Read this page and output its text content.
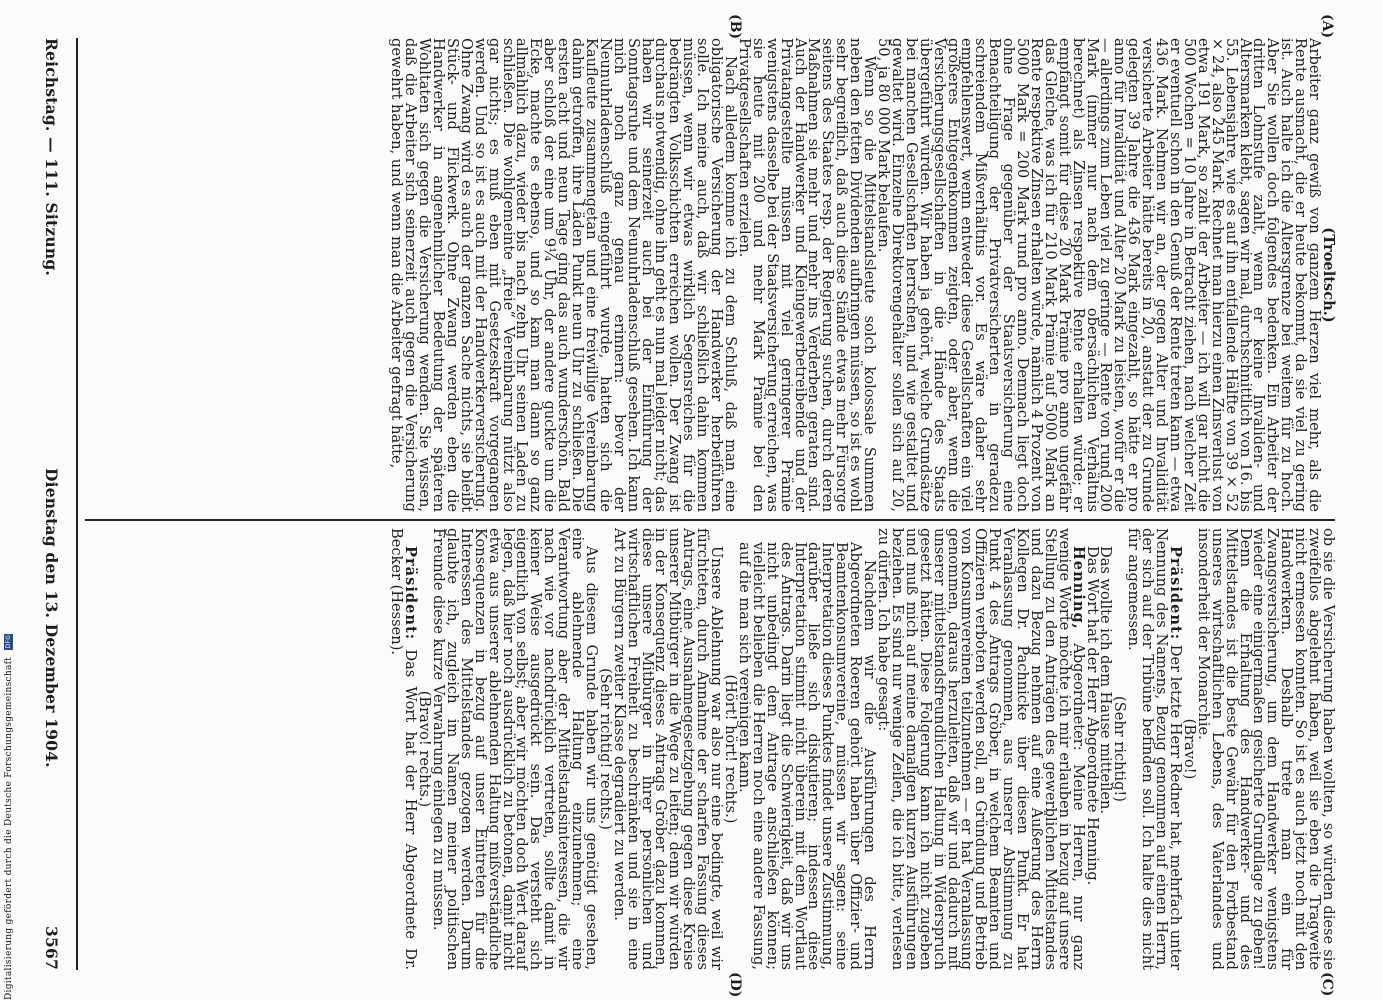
Reichstag. — 111. Sitzung.
Dienstag den 13. Dezember 1904.
3567

(Troeltsch.)

Arbeiter ganz gewiß von ganzem Herzen viel mehr, als die Rente ausmacht, die er heute bekommt, da sie viel zu gering ist. Auch halte ich die Altersgrenze bei weitem für zu hoch. Aber Sie wollen doch folgendes bedenken. Ein Arbeiter der dritten Lohnstufe zahlt, wenn er keine Invaliden- und Altersmarken klebt, sagen wir mal, durchschnittlich von 16. bis 55. Lebensjahre, wie es auf ihn entfallende Hälfte von 39 × 52 × 24, also 245 Mark. Rechnet man hierzu einen Zinsverlust von etwa 191 Mark, so zahlt der Arbeiter — ich will gar nicht die 500 Wochen = 10 Jahre in Betracht ziehen, nach welcher Zeit er eventuell schon in den Genuß der Rente treten kann — etwa 436 Mark. Nehmen wir an, der gegen Alter und Invalidität versicherte Arbeiter hätte bereits in 20, anstatt der zu Grunde gelegten 39 Jahre die 436 Mark eingezahlt, so hätte er pro anno für Invalidität und Alter 20 Mark zu leisten, wofür er die — allerdings zum Leben viel zu geringe — Rente von rund 200 Mark (immer nur nach dem obersächlichen Verhältnis berechnet) als Zinsen respektive Rente erhalten würde; er empfängt somit für diese 20 Mark Prämie pro anno ungefähr das Gleiche, was ich für 210 Mark Prämie auf 5000 Mark an Rente respektive Zinsen erhalten würde, nämlich 4 Prozent von 5000 Mark = 200 Mark rund pro anno. Demnach liegt doch ohne Frage gegenüber der Staatsversicherung eine Benachteiligung der Privatversicherten in geradezu schreiendem Mißverhältnis vor. Es wäre daher sehr empfehlenswert, wenn entweder diese Gesellschaften ein viel größeres Entgegenkommen zeigten, oder aber, wenn die Versicherungsgesellschaften in die Hände des Staats übergeführt würden. Wir haben ja gehört, welche Grundsätze bei manchen Gesellschaften herrschen, und wie gestaltet und gewaltet wird. Einzelne Direktorengehälter sollen sich auf 20, 50, ja 80 000 Mark belaufen.

Wenn so die Mittelstandsleute solch kolossale Summen neben den fetten Dividenden aufbringen müssen, so ist es wohl sehr begreiflich, daß auch diese Stände etwas mehr Fürsorge seitens des Staates resp. der Regierung suchen, durch deren Maßnahmen sie mehr und mehr ins Verderben geraten sind. Auch der Handwerker und Kleingewerbetreibende und der Privatangestellte müssen mit viel geringerer Prämie wenigstens dasselbe bei der Staatsversicherung erreichen, was sie heute mit 200 und mehr Mark Prämie bei den Privatgesellschaften erzielen.

Nach alledem komme ich zu dem Schluß, daß man eine obligatorische Versicherung der Handwerker herbeiführen solle. Ich meine auch, daß wir schließlich dahin kommen müssen, wenn wir etwas wirklich Segensreiches für die bedrängten Volksschichten erreichen wollen. Der Zwang ist durchaus notwendig, ohne ihn geht es nun mal leider nicht; das haben wir seinerzeit auch bei der Einführung der Sonntagsruhe und dem Neunuhrladenschluß gesehen. Ich kann mich noch ganz genau erinnern: bevor der Neunuhrladenschluß eingeführt wurde, hatten sich die Kaufleute zusammengetan und eine freiwillige Vereinbarung dahin getroffen, ihre Läden Punkt neun Uhr zu schließen. Die ersten acht und neun Tage ging das auch wunderschön. Bald aber schloß der eine um 9¼ Uhr, der andere guckte um die Ecke, machte es ebenso, und so kam man dann so ganz allmählich dazu, wieder bis nach zehn Uhr seinen Laden zu schließen. Die wohlgemeinte „freie“ Vereinbarung nützt also gar nichts; es muß eben mit Gesetzeskraft vorgegangen werden. Und so ist es auch mit der Handwerkerversicherung. Ohne Zwang wird es auch der ganzen Sache nichts, sie bleibt Stück- und Flickwerk. Ohne Zwang werden eben die Handwerker in angenehmlicher Bedeutung der späteren Wohltaten sich gegen die Versicherung wenden. Sie wissen, daß die Arbeiter sich seinerzeit auch gegen die Versicherung gewehrt haben, und wenn man die Arbeiter gefragt hätte,

ob sie die Versicherung haben wollten, so würden diese sie zweifellos abgelehnt haben, weil sie eben die Tragweite nicht ermessen konnten. So ist es auch jetzt noch mit den Handwerkern. Deshalb trete man ein für Zwangsversicherung, um dem Handwerker wenigstens wieder eine einigermaßen gesicherte Grundlage zu geben! Denn die Erhaltung des Handwerker- und des Mittelstandes ist die beste Gewähr für den Fortbestand unseres wirtschaftlichen Lebens, des Vaterlandes und insonderheit der Monarchie.

(Bravo!)

Präsident: Der letzte Herr Redner hat, mehrfach unter Nennung des Namens, Bezug genommen auf einen Herrn, der sich auf der Tribüne befinden soll. Ich halte dies nicht für angemessen.

(Sehr richtig!)

Das wollte ich dem Hause mitteilen.

Das Wort hat der Herr Abgeordnete Henning.

Henning, Abgeordneter: Meine Herren, nur ganz wenige Worte möchte ich mir erlauben in bezug auf unsere Stellung zu den Anträgen des gewerblichen Mittelstandes und dazu Bezug nehmen auf eine Äußerung des Herrn Kollegen Dr. Pachnicke über diesen Punkt. Er hat Veranlassung genommen, aus unserer Abstimmung zu Punkt 4 des Antrags Gröber, in welchem Beamten und Offizieren verboten werden soll, an Gründung und Betrieb von Konsumvereinen teilzunehmen — er hat Veranlassung genommen, daraus herzuleiten, daß wir und dadurch mit unserer mittelstandsfreundlichen Haltung in Widerspruch gesetzt hätten. Diese Folgerung kann ich nicht zugeben und muß mich auf meine damaligen kurzen Ausführungen beziehen. Es sind nur wenige Zeilen, die ich bitte, verlesen zu dürfen. Ich habe gesagt:

Nachdem wir die Ausführungen des Herrn Abgeordneten Roeren gehört haben über Offizier- und Beamtenkonsumvereine, müssen wir sagen: seine Interpretation dieses Punktes findet unsere Zustimmung, darüber ließe sich diskutieren; indessen diese Interpretation stimmt nicht überein mit dem Wortlaut des Antrags. Darin liegt die Schwierigkeit, daß wir uns nicht unbedingt dem Antrage anschließen können; vielleicht belieben die Herren noch eine andere Fassung, auf die man sich vereinigen kann.

(Hört! hört! rechts.)

Unsere Ablehnung war also nur eine bedingte, weil wir fürchteten, durch Annahme der scharfen Fassung dieses Antrags, eine Ausnahmegesetzgebung gegen diese Kreise unserer Mitbürger in die Wege zu leiten; denn wir würden in der Konsequenz dieses Antrags Gröber dazu kommen, diese unsere Mitbürger in ihrer persönlichen und wirtschaftlichen Freiheit zu beschränken und sie in eine Art zu Bürgern zweiter Klasse degradiert zu werden.

(Sehr richtig! rechts.)

Aus diesem Grunde haben wir uns genötigt gesehen, eine ablehnende Haltung einzunehmen; eine Verantwortung aber der Mittelstandsinteressen, die wir nach wie vor nachdrücklich vertreten, sollte damit in keiner Weise ausgedrückt sein. Das versteht sich eigentlich von selbst; aber wir möchten doch Wert darauf legen, daß hier noch ausdrücklich zu betonen, damit nicht etwa aus unserer ablehnenden Haltung mißverständliche Konsequenzen in bezug auf unser Eintreten für die Interessen des Mittelstandes gezogen werden. Darum glaubte ich, zugleich im Namen meiner politischen Freunde diese kurze Verwahrung einlegen zu müssen.

(Bravo! rechts.)

Präsident: Das Wort hat der Herr Abgeordnete Dr. Becker (Hessen).

(A)
(B)
(C)
(D)
Digitalisierung gefördert durch die Deutsche Forschungsgemeinschaft DFG
